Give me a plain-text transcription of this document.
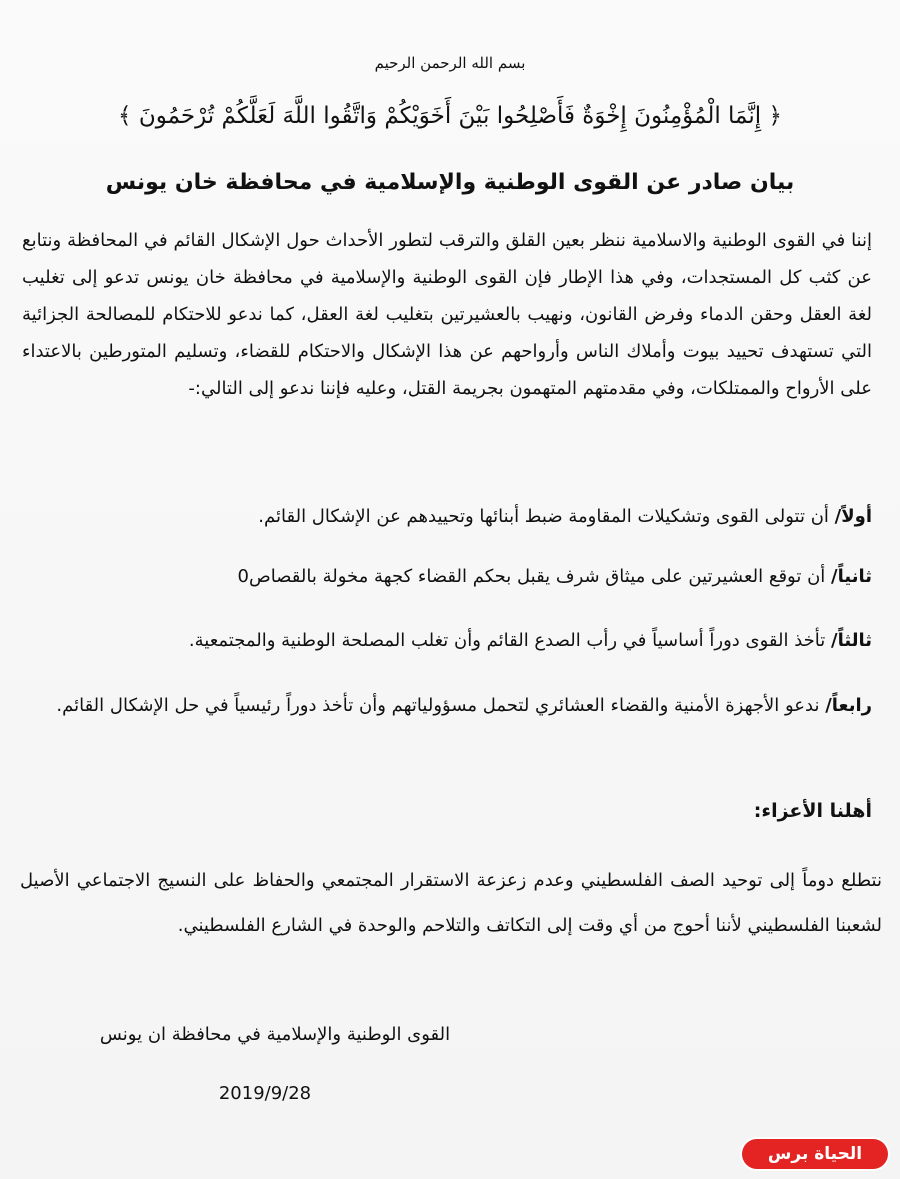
بسم الله الرحمن الرحيم
﴿ إِنَّمَا الْمُؤْمِنُونَ إِخْوَةٌ فَأَصْلِحُوا بَيْنَ أَخَوَيْكُمْ وَاتَّقُوا اللَّهَ لَعَلَّكُمْ تُرْحَمُونَ ﴾
بيان صادر عن القوى الوطنية والإسلامية في محافظة خان يونس
إننا في القوى الوطنية والاسلامية ننظر بعين القلق والترقب لتطور الأحداث حول الإشكال القائم في المحافظة ونتابع عن كثب كل المستجدات، وفي هذا الإطار فإن القوى الوطنية والإسلامية في محافظة خان يونس تدعو إلى تغليب لغة العقل وحقن الدماء وفرض القانون، ونهيب بالعشيرتين بتغليب لغة العقل، كما ندعو للاحتكام للمصالحة الجزائية التي تستهدف تحييد بيوت وأملاك الناس وأرواحهم عن هذا الإشكال والاحتكام للقضاء، وتسليم المتورطين بالاعتداء على الأرواح والممتلكات، وفي مقدمتهم المتهمون بجريمة القتل، وعليه فإننا ندعو إلى التالي:-
أولاً/ أن تتولى القوى وتشكيلات المقاومة ضبط أبنائها وتحييدهم عن الإشكال القائم.
ثانياً/ أن توقع العشيرتين على ميثاق شرف يقبل بحكم القضاء كجهة مخولة بالقصاص0
ثالثاً/ تأخذ القوى دوراً أساسياً في رأب الصدع القائم وأن تغلب المصلحة الوطنية والمجتمعية.
رابعاً/ ندعو الأجهزة الأمنية والقضاء العشائري لتحمل مسؤولياتهم وأن تأخذ دوراً رئيسياً في حل الإشكال القائم.
أهلنا الأعزاء:
نتطلع دوماً إلى توحيد الصف الفلسطيني وعدم زعزعة الاستقرار المجتمعي والحفاظ على النسيج الاجتماعي الأصيل لشعبنا الفلسطيني لأننا أحوج من أي وقت إلى التكاتف والتلاحم والوحدة في الشارع الفلسطيني.
القوى الوطنية والإسلامية في محافظة ان يونس
2019/9/28
الحياة برس
